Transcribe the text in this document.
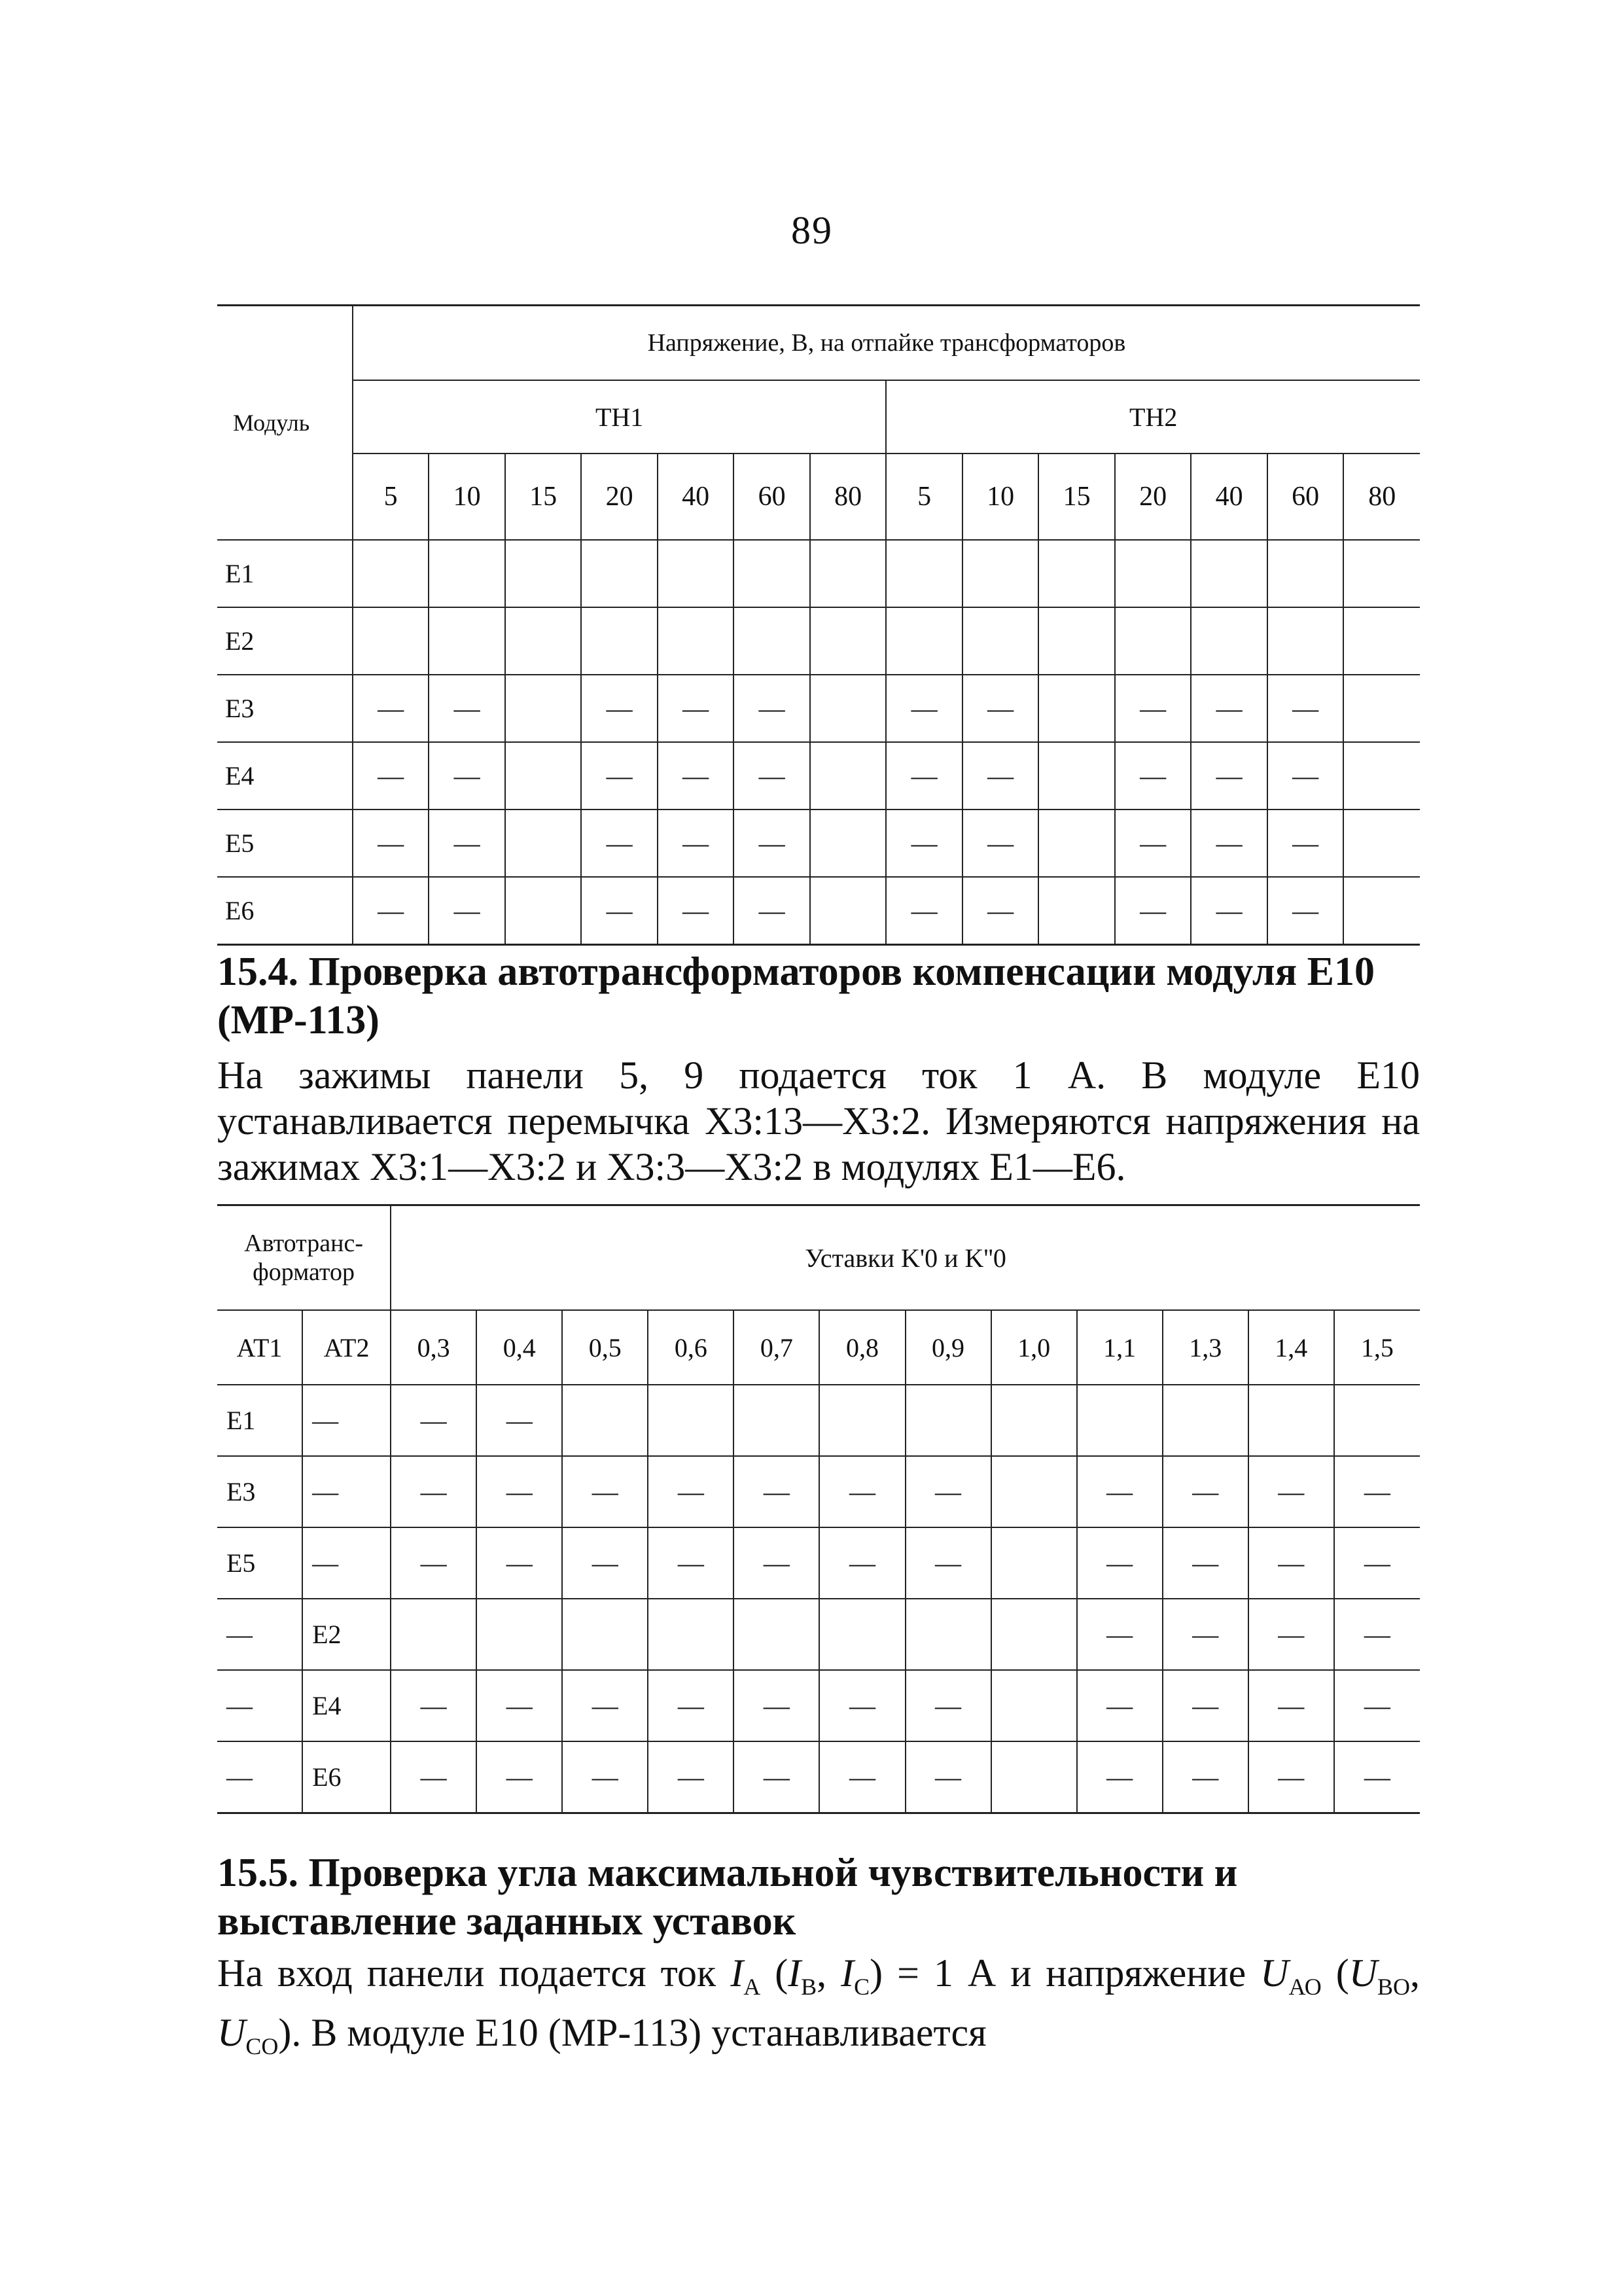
89
Модуль	Напряжение, В, на отпайке трансформаторов													
	ТН1							ТН2						
	5	10	15	20	40	60	80	5	10	15	20	40	60	80
Е1														
Е2														
Е3	—	—		—	—	—		—	—		—	—	—	
Е4	—	—		—	—	—		—	—		—	—	—	
Е5	—	—		—	—	—		—	—		—	—	—	
Е6	—	—		—	—	—		—	—		—	—	—	
15.4. Проверка автотрансформаторов компенсации модуля Е10 (МР-113)
На зажимы панели 5, 9 подается ток 1 А. В модуле Е10 устанавливается перемычка Х3:13—Х3:2. Измеряются напряжения на зажимах Х3:1—Х3:2 и Х3:3—Х3:2 в модулях Е1—Е6.
Автотранс-форматор		Уставки K'0 и K''0											
АТ1	АТ2	0,3	0,4	0,5	0,6	0,7	0,8	0,9	1,0	1,1	1,3	1,4	1,5
Е1	—	—	—										
Е3	—	—	—	—	—	—	—	—		—	—	—	—
Е5	—	—	—	—	—	—	—	—		—	—	—	—
—	Е2									—	—	—	—
—	Е4	—	—	—	—	—	—	—		—	—	—	—
—	Е6	—	—	—	—	—	—	—		—	—	—	—
15.5. Проверка угла максимальной чувствительности и выставление заданных уставок
На вход панели подается ток $I_А$ ($I_В$, $I_С) = 1$ А и напряжение $U_{АО}$ ($U_{ВО}$, $U_{СО}$). В модуле Е10 (МР-113) устанавливается
